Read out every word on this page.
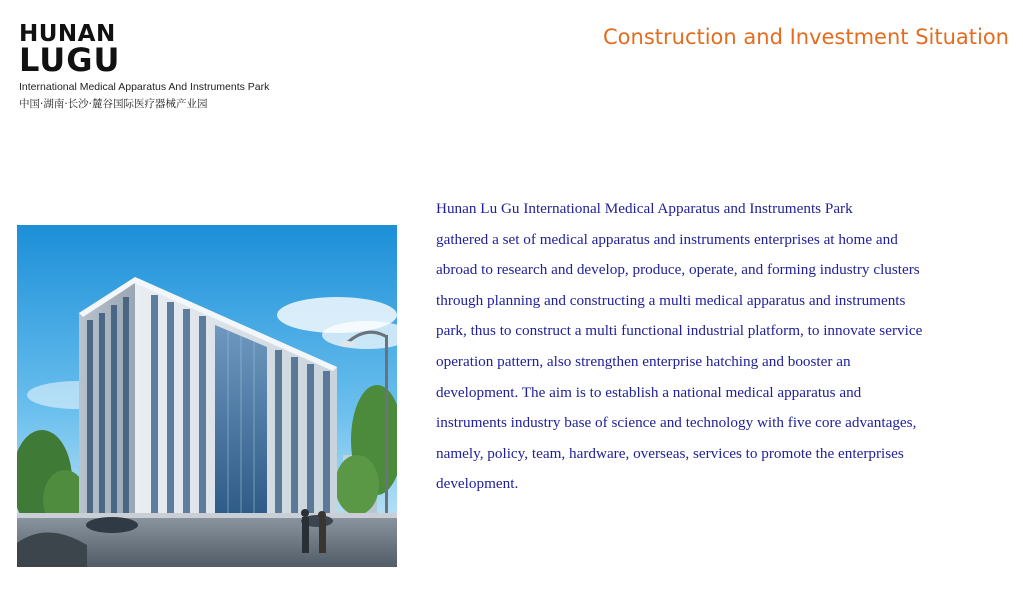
HUNAN
LUGU
International Medical Apparatus And Instruments Park
中国·湖南·长沙·麓谷国际医疗器械产业园
Construction and Investment Situation

Hunan Lu Gu International Medical Apparatus and Instruments Park

gathered a set of medical apparatus and instruments enterprises at home and

abroad to research and develop, produce, operate, and forming industry clusters

through planning and constructing a multi medical apparatus and instruments

park, thus to construct a multi functional industrial platform, to innovate service

operation pattern, also strengthen enterprise hatching and booster an

development. The aim is to establish a national medical apparatus and

instruments industry base of science and technology with five core advantages,

namely, policy, team, hardware, overseas, services to promote the enterprises

development.
